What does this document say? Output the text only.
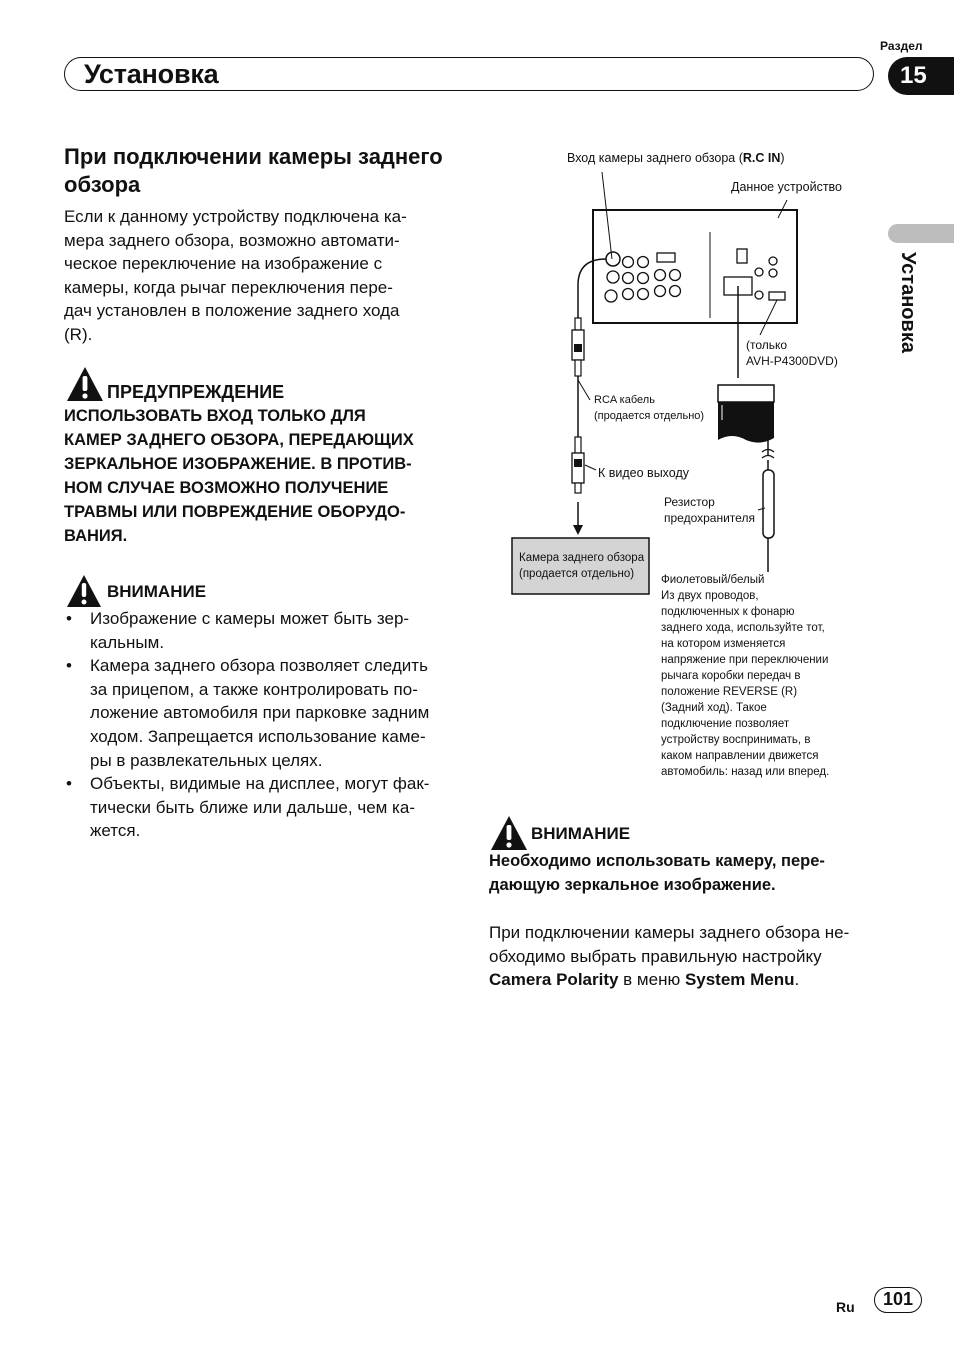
Раздел
Установка	15
Установка
При подключении камеры заднего обзора
Если к данному устройству подключена ка-
мера заднего обзора, возможно автомати-
ческое переключение на изображение с
камеры, когда рычаг переключения пере-
дач установлен в положение заднего хода
(R).
ПРЕДУПРЕЖДЕНИЕ
ИСПОЛЬЗОВАТЬ ВХОД ТОЛЬКО ДЛЯ
КАМЕР ЗАДНЕГО ОБЗОРА, ПЕРЕДАЮЩИХ
ЗЕРКАЛЬНОЕ ИЗОБРАЖЕНИЕ. В ПРОТИВ-
НОМ СЛУЧАЕ ВОЗМОЖНО ПОЛУЧЕНИЕ
ТРАВМЫ ИЛИ ПОВРЕЖДЕНИЕ ОБОРУДО-
ВАНИЯ.
ВНИМАНИЕ
• Изображение с камеры может быть зер-
кальным.
• Камера заднего обзора позволяет следить
за прицепом, а также контролировать по-
ложение автомобиля при парковке задним
ходом. Запрещается использование каме-
ры в развлекательных целях.
• Объекты, видимые на дисплее, могут фак-
тически быть ближе или дальше, чем ка-
жется.
Вход камеры заднего обзора (R.C IN)
Данное устройство
(только
AVH-P4300DVD)
RCA кабель
(продается отдельно)
К видео выходу
Резистор
предохранителя
Камера заднего обзора
(продается отдельно)	Фиолетовый/белый
Из двух проводов,
подключенных к фонарю
заднего хода, используйте тот,
на котором изменяется
напряжение при переключении
рычага коробки передач в
положение REVERSE (R)
(Задний ход). Такое
подключение позволяет
устройству воспринимать, в
каком направлении движется
автомобиль: назад или вперед.
ВНИМАНИЕ
Необходимо использовать камеру, пере-
дающую зеркальное изображение.
При подключении камеры заднего обзора не-
обходимо выбрать правильную настройку
Camera Polarity в меню System Menu.
Ru	101
